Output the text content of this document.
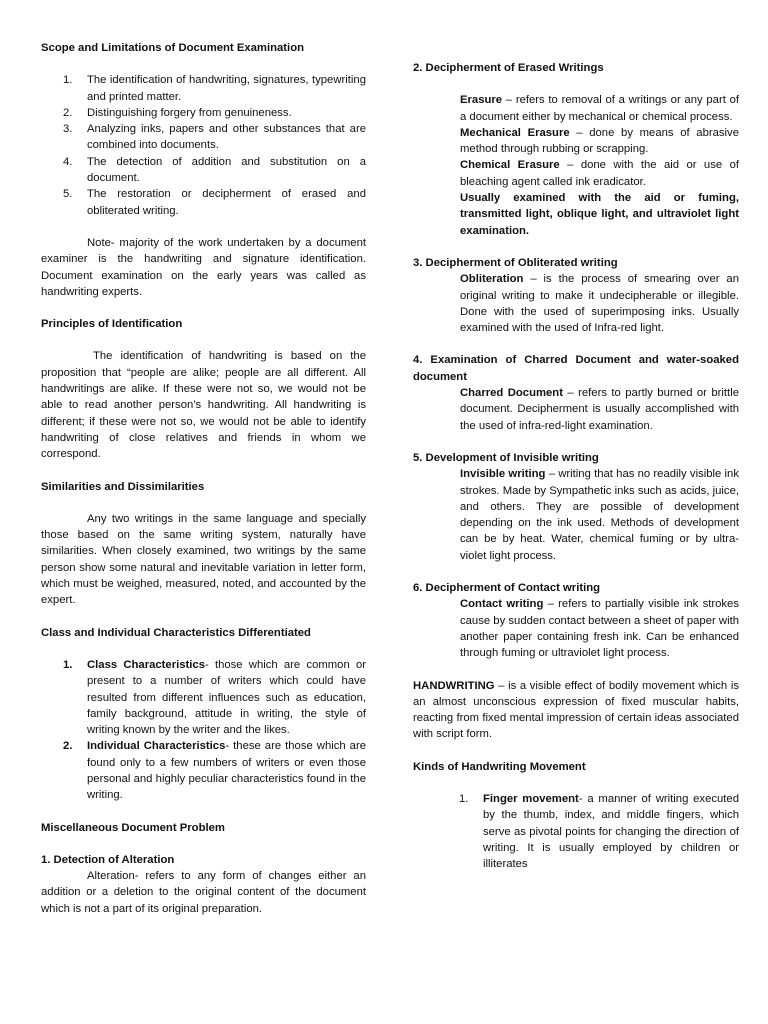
Scope and Limitations of Document Examination

1. The identification of handwriting, signatures, typewriting and printed matter.
2. Distinguishing forgery from genuineness.
3. Analyzing inks, papers and other substances that are combined into documents.
4. The detection of addition and substitution on a document.
5. The restoration or decipherment of erased and obliterated writing.

Note- majority of the work undertaken by a document examiner is the handwriting and signature identification. Document examination on the early years was called as handwriting experts.

Principles of Identification

The identification of handwriting is based on the proposition that “people are alike; people are all different. All handwritings are alike. If these were not so, we would not be able to read another person’s handwriting. All handwriting is different; if these were not so, we would not be able to identify handwriting of close relatives and friends in whom we correspond.

Similarities and Dissimilarities

Any two writings in the same language and specially those based on the same writing system, naturally have similarities. When closely examined, two writings by the same person show some natural and inevitable variation in letter form, which must be weighed, measured, noted, and accounted by the expert.

Class and Individual Characteristics Differentiated

1. Class Characteristics- those which are common or present to a number of writers which could have resulted from different influences such as education, family background, attitude in writing, the style of writing known by the writer and the likes.
2. Individual Characteristics- these are those which are found only to a few numbers of writers or even those personal and highly peculiar characteristics found in the writing.

Miscellaneous Document Problem

1. Detection of Alteration

Alteration- refers to any form of changes either an addition or a deletion to the original content of the document which is not a part of its original preparation.

2. Decipherment of Erased Writings

Erasure – refers to removal of a writings or any part of a document either by mechanical or chemical process.

Mechanical Erasure – done by means of abrasive method through rubbing or scrapping.

Chemical Erasure – done with the aid or use of bleaching agent called ink eradicator.

Usually examined with the aid or fuming, transmitted light, oblique light, and ultraviolet light examination.

3. Decipherment of Obliterated writing

Obliteration – is the process of smearing over an original writing to make it undecipherable or illegible. Done with the used of superimposing inks. Usually examined with the used of Infra-red light.

4. Examination of Charred Document and water-soaked document

Charred Document – refers to partly burned or brittle document. Decipherment is usually accomplished with the used of infra-red-light examination.

5. Development of Invisible writing

Invisible writing – writing that has no readily visible ink strokes. Made by Sympathetic inks such as acids, juice, and others. They are possible of development depending on the ink used. Methods of development can be by heat. Water, chemical fuming or by ultra-violet light process.

6. Decipherment of Contact writing

Contact writing – refers to partially visible ink strokes cause by sudden contact between a sheet of paper with another paper containing fresh ink. Can be enhanced through fuming or ultraviolet light process.

HANDWRITING – is a visible effect of bodily movement which is an almost unconscious expression of fixed muscular habits, reacting from fixed mental impression of certain ideas associated with script form.

Kinds of Handwriting Movement

1. Finger movement- a manner of writing executed by the thumb, index, and middle fingers, which serve as pivotal points for changing the direction of writing. It is usually employed by children or illiterates
